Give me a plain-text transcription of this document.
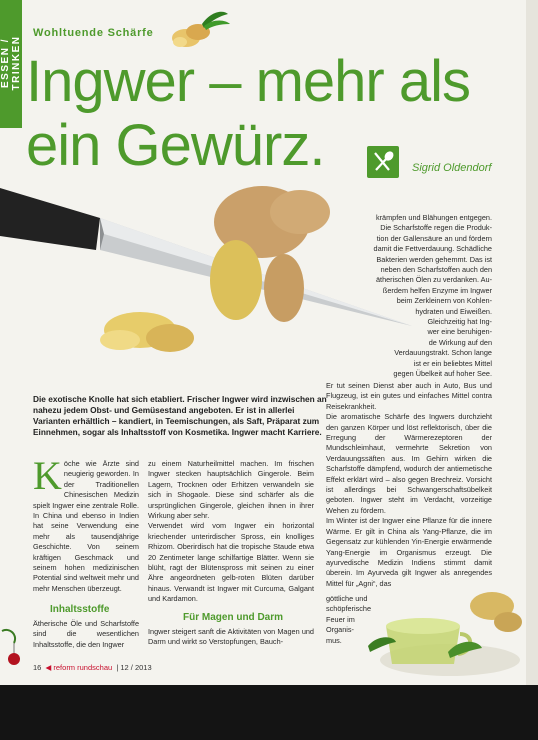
ESSEN / TRINKEN
Wohltuende Schärfe
Ingwer – mehr als
ein Gewürz.	Sigrid Oldendorf
Die exotische Knolle hat sich etabliert. Frischer Ingwer wird inzwischen an nahezu jedem Obst- und Gemüsestand angeboten. Er ist in allerlei Varianten erhältlich – kandiert, in Teemischungen, als Saft, Präparat zum Einnehmen, sogar als Inhaltsstoff von Kosmetika. Ingwer macht Karriere.
Köche wie Ärzte sind neugierig geworden. In der Traditionellen Chinesischen Medizin spielt Ingwer eine zentrale Rolle. In China und ebenso in Indien hat seine Verwendung eine mehr als tausendjährige Geschichte. Von seinem kräftigen Geschmack und seinem hohen medizinischen Potential sind weltweit mehr und mehr Menschen überzeugt.
Inhaltsstoffe
Ätherische Öle und Scharfstoffe sind die wesentlichen Inhaltsstoffe, die den Ingwer

zu einem Naturheilmittel machen. Im frischen Ingwer stecken hauptsächlich Gingerole. Beim Lagern, Trocknen oder Erhitzen verwandeln sie sich in Shogaole. Diese sind schärfer als die ursprünglichen Gingerole, gleichen ihnen in ihrer Wirkung aber sehr.

Verwendet wird vom Ingwer ein horizontal kriechender unterirdischer Spross, ein knolliges Rhizom. Oberirdisch hat die tropische Staude etwa 20 Zentimeter lange schilfartige Blätter. Wenn sie blüht, ragt der Blütenspross mit seinen zu einer Ähre angeordneten gelb-roten Blüten darüber hinaus. Verwandt ist Ingwer mit Curcuma, Galgant und Kardamon.

Für Magen und Darm
Ingwer steigert sanft die Aktivitäten von Magen und Darm und wirkt so Verstopfungen, Bauch-
krämpfen und Blähungen entgegen.
Die Scharfstoffe regen die Produk-
tion der Gallensäure an und fördern
damit die Fettverdauung. Schädliche
Bakterien werden gehemmt. Das ist
neben den Scharfstoffen auch den
ätherischen Ölen zu verdanken. Au-
ßerdem helfen Enzyme im Ingwer
beim Zerkleinern von Kohlen-
hydraten und Eiweißen.
Gleichzeitig hat Ing-
wer eine beruhigen-
de Wirkung auf den
Verdauungstrakt. Schon lange
ist er ein beliebtes Mittel
gegen Übelkeit auf hoher See.

Er tut seinen Dienst aber auch in Auto, Bus und Flugzeug, ist ein gutes und einfaches Mittel contra Reisekrankheit.

Die aromatische Schärfe des Ingwers durchzieht den ganzen Körper und löst reflektorisch, über die Erregung der Wärmerezeptoren der Mundschleimhaut, vermehrte Sekretion von Verdauungssäften aus. Im Gehirn wirken die Scharfstoffe dämpfend, wodurch der antiemetische Effekt erklärt wird – also gegen Brechreiz. Vorsicht ist allerdings bei Schwangerschaftsübelkeit geboten. Ingwer steht im Verdacht, vorzeitige Wehen zu fördern.

Im Winter ist der Ingwer eine Pflanze für die innere Wärme. Er gilt in China als Yang-Pflanze, die im Gegensatz zur kühlenden Yin-Energie erwärmende Yang-Energie im Organismus erzeugt. Die ayurvedische Medizin Indiens stimmt damit überein. Im Ayurveda gilt Ingwer als anregendes Mittel für „Agni“, das

göttliche und
schöpferische
Feuer im
Organis-
mus.
16 ◀ reform rundschau  | 12 / 2013
